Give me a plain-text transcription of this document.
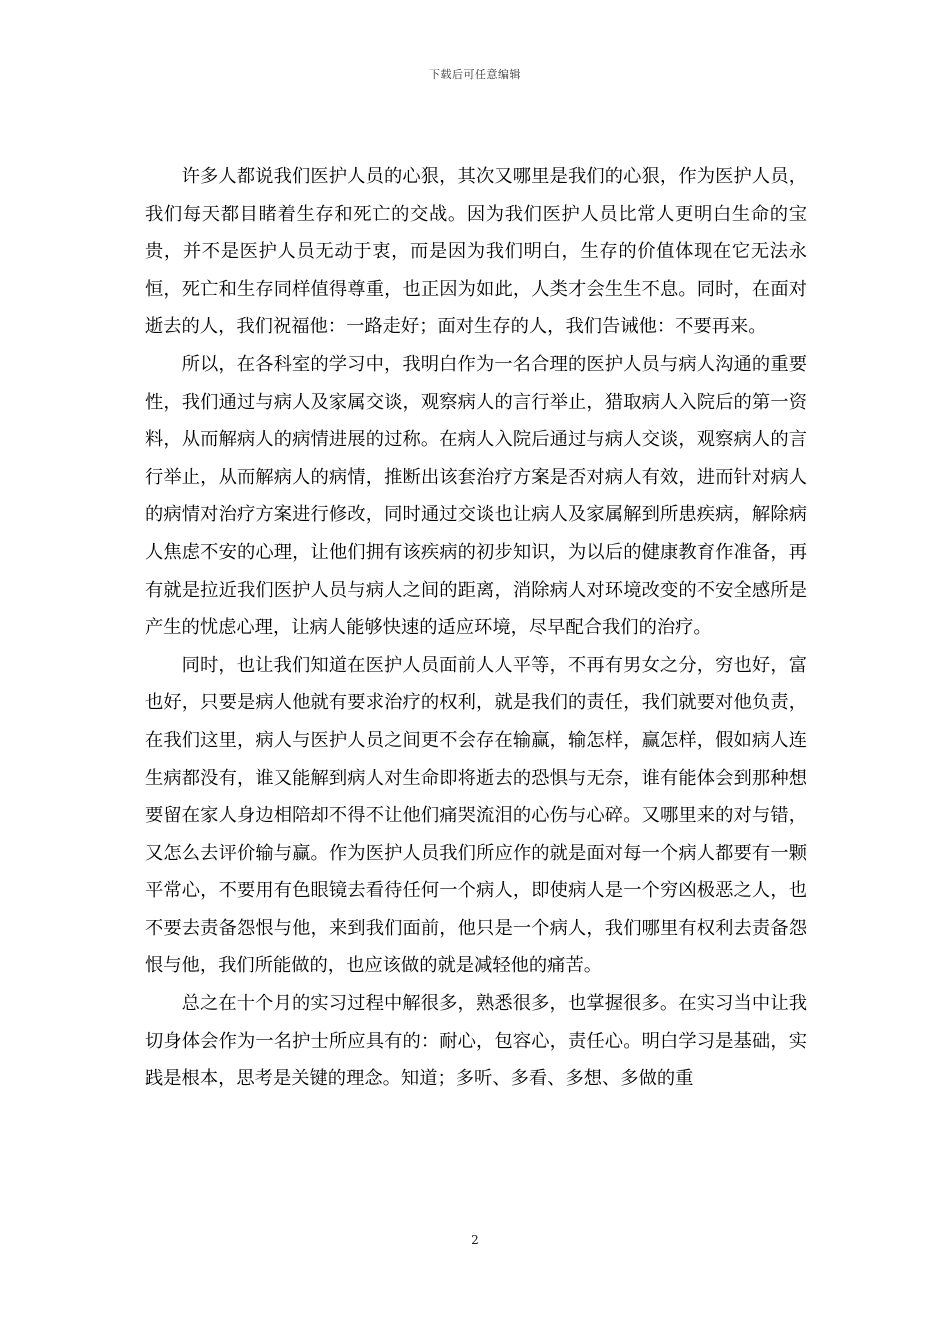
下载后可任意编辑

许多人都说我们医护人员的心狠，其次又哪里是我们的心狠，作为医护人员，我们每天都目睹着生存和死亡的交战。因为我们医护人员比常人更明白生命的宝贵，并不是医护人员无动于衷，而是因为我们明白，生存的价值体现在它无法永恒，死亡和生存同样值得尊重，也正因为如此，人类才会生生不息。同时，在面对逝去的人，我们祝福他：一路走好；面对生存的人，我们告诫他：不要再来。

所以，在各科室的学习中，我明白作为一名合理的医护人员与病人沟通的重要性，我们通过与病人及家属交谈，观察病人的言行举止，猎取病人入院后的第一资料，从而解病人的病情进展的过称。在病人入院后通过与病人交谈，观察病人的言行举止，从而解病人的病情，推断出该套治疗方案是否对病人有效，进而针对病人的病情对治疗方案进行修改，同时通过交谈也让病人及家属解到所患疾病，解除病人焦虑不安的心理，让他们拥有该疾病的初步知识，为以后的健康教育作准备，再有就是拉近我们医护人员与病人之间的距离，消除病人对环境改变的不安全感所是产生的忧虑心理，让病人能够快速的适应环境，尽早配合我们的治疗。

同时，也让我们知道在医护人员面前人人平等，不再有男女之分，穷也好，富也好，只要是病人他就有要求治疗的权利，就是我们的责任，我们就要对他负责，在我们这里，病人与医护人员之间更不会存在输赢，输怎样，赢怎样，假如病人连生病都没有，谁又能解到病人对生命即将逝去的恐惧与无奈，谁有能体会到那种想要留在家人身边相陪却不得不让他们痛哭流泪的心伤与心碎。又哪里来的对与错，又怎么去评价输与赢。作为医护人员我们所应作的就是面对每一个病人都要有一颗平常心，不要用有色眼镜去看待任何一个病人，即使病人是一个穷凶极恶之人，也不要去责备怨恨与他，来到我们面前，他只是一个病人，我们哪里有权利去责备怨恨与他，我们所能做的，也应该做的就是减轻他的痛苦。

总之在十个月的实习过程中解很多，熟悉很多，也掌握很多。在实习当中让我切身体会作为一名护士所应具有的：耐心，包容心，责任心。明白学习是基础，实践是根本，思考是关键的理念。知道；多听、多看、多想、多做的重

2
